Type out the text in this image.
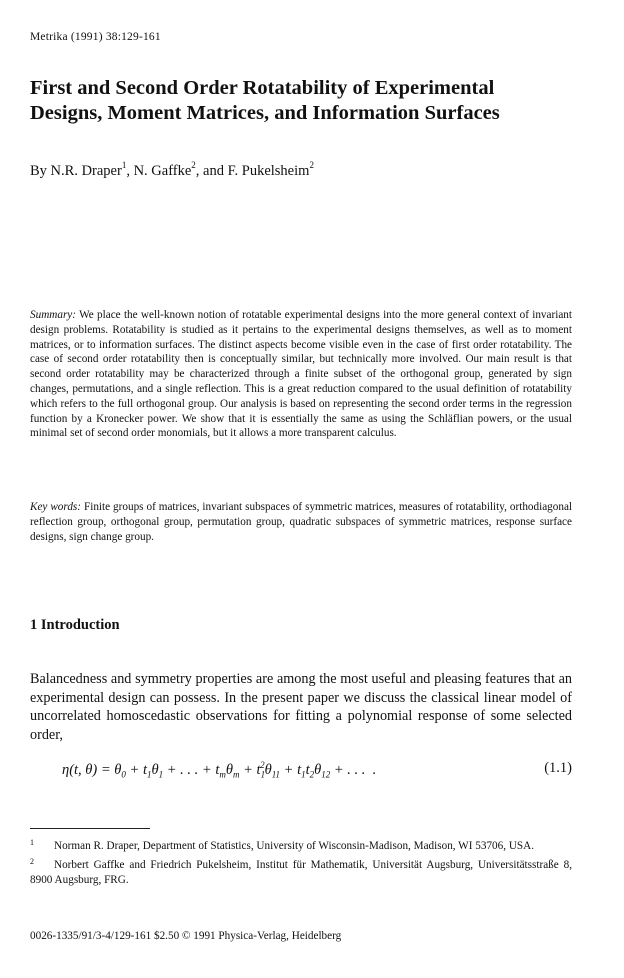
Metrika (1991) 38:129-161
First and Second Order Rotatability of Experimental
Designs, Moment Matrices, and Information Surfaces
By N.R. Draper$^1$, N. Gaffke$^2$, and F. Pukelsheim$^2$
Summary: We place the well-known notion of rotatable experimental designs into the more general context of invariant design problems. Rotatability is studied as it pertains to the experimental designs themselves, as well as to moment matrices, or to information surfaces. The distinct aspects become visible even in the case of first order rotatability. The case of second order rotatability then is conceptually similar, but technically more involved. Our main result is that second order rotatability may be characterized through a finite subset of the orthogonal group, generated by sign changes, permutations, and a single reflection. This is a great reduction compared to the usual definition of rotatability which refers to the full orthogonal group. Our analysis is based on representing the second order terms in the regression function by a Kronecker power. We show that it is essentially the same as using the Schläflian powers, or the usual minimal set of second order monomials, but it allows a more transparent calculus.
Key words: Finite groups of matrices, invariant subspaces of symmetric matrices, measures of rotatability, orthodiagonal reflection group, orthogonal group, permutation group, quadratic subspaces of symmetric matrices, response surface designs, sign change group.
1 Introduction
Balancedness and symmetry properties are among the most useful and pleasing features that an experimental design can possess. In the present paper we discuss the classical linear model of uncorrelated homoscedastic observations for fitting a polynomial response of some selected order,
η(t, $\theta) = \theta_0 + t_1\theta_1$ + . . . + $t_m\theta_m + t_1^2\theta_{11} + t_1t_2\theta_{12}$ + . . .  .	(1.1)
1 Norman R. Draper, Department of Statistics, University of Wisconsin-Madison, Madison, WI 53706, USA.
2 Norbert Gaffke and Friedrich Pukelsheim, Institut für Mathematik, Universität Augsburg, Universitätsstraße 8, 8900 Augsburg, FRG.
0026-1335/91/3-4/129-161 $2.50 © 1991 Physica-Verlag, Heidelberg
